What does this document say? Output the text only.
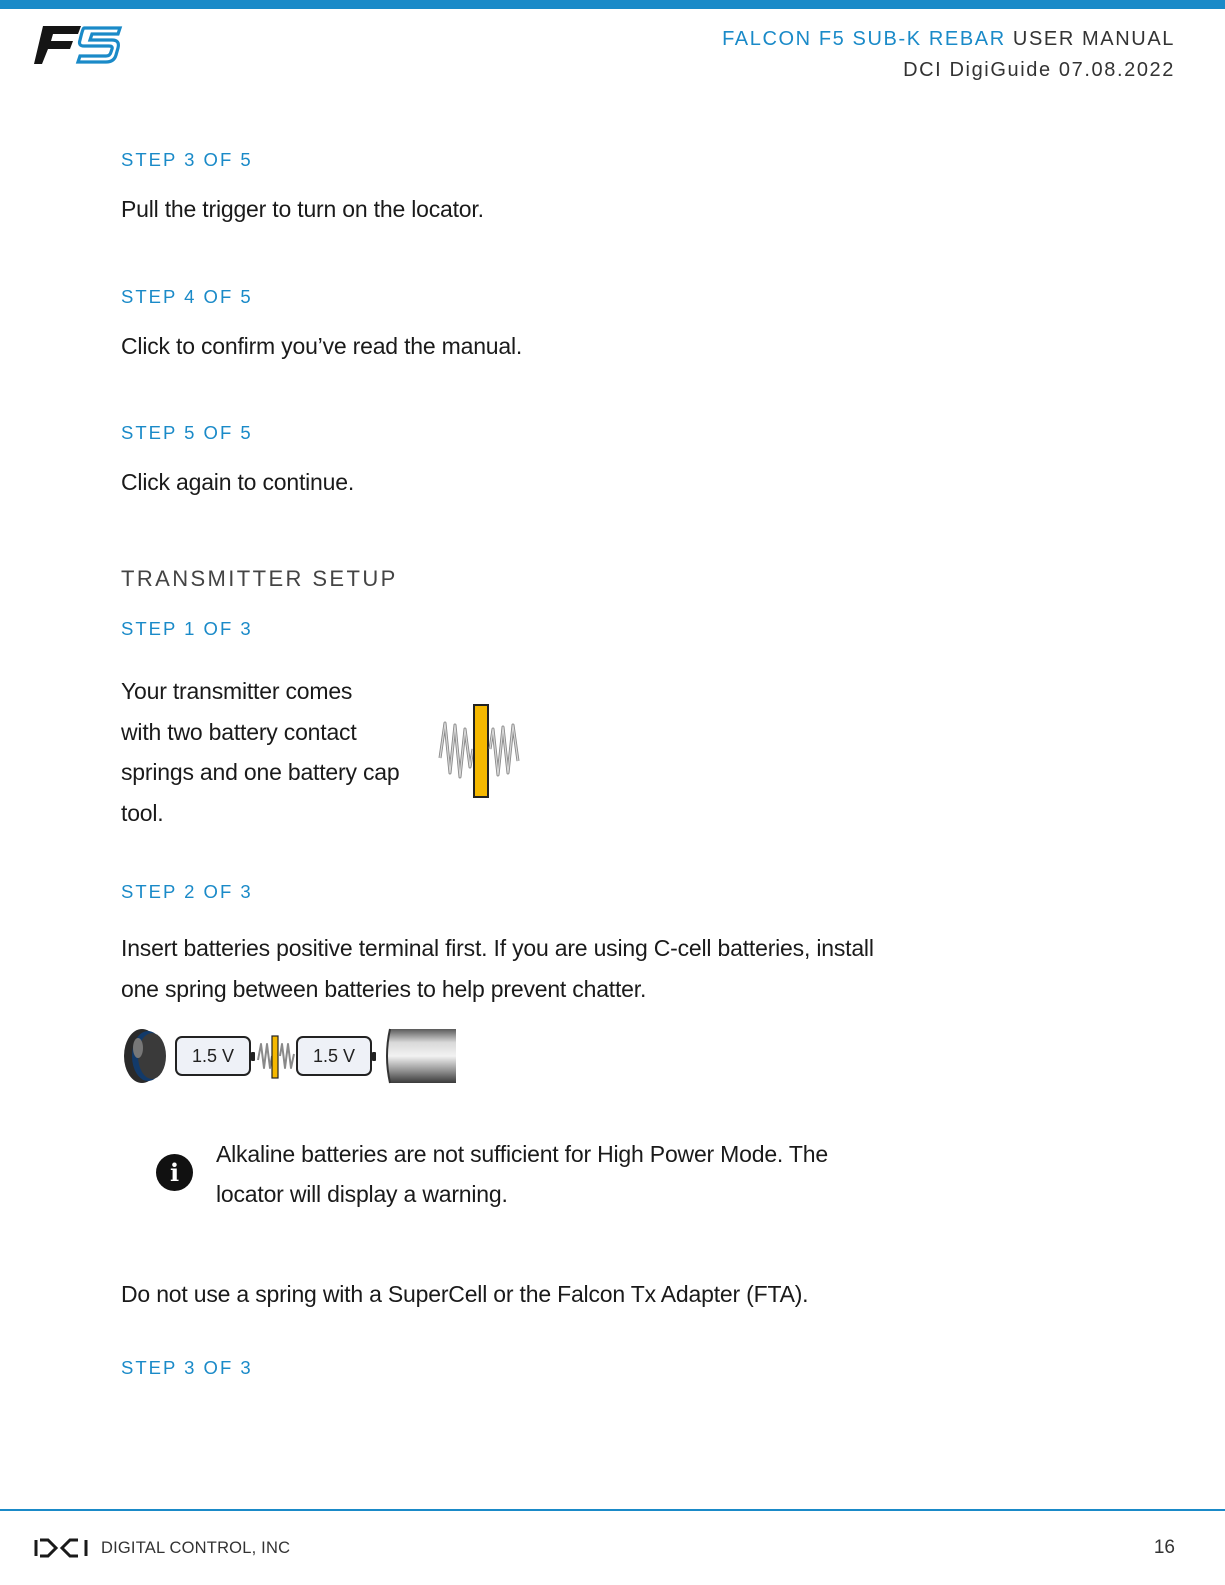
FALCON F5 SUB-K REBAR USER MANUAL
DCI DigiGuide 07.08.2022
STEP 3 OF 5
Pull the trigger to turn on the locator.
STEP 4 OF 5
Click to confirm you’ve read the manual.
STEP 5 OF 5
Click again to continue.
TRANSMITTER SETUP
STEP 1 OF 3
Your transmitter comes
with two battery contact
springs and one battery cap
tool.
STEP 2 OF 3
Insert batteries positive terminal first. If you are using C-cell batteries, install
one spring between batteries to help prevent chatter.
1.5 V	1.5 V
i
Alkaline batteries are not sufficient for High Power Mode. The
locator will display a warning.
Do not use a spring with a SuperCell or the Falcon Tx Adapter (FTA).
STEP 3 OF 3
DIGITAL CONTROL, INC	16
